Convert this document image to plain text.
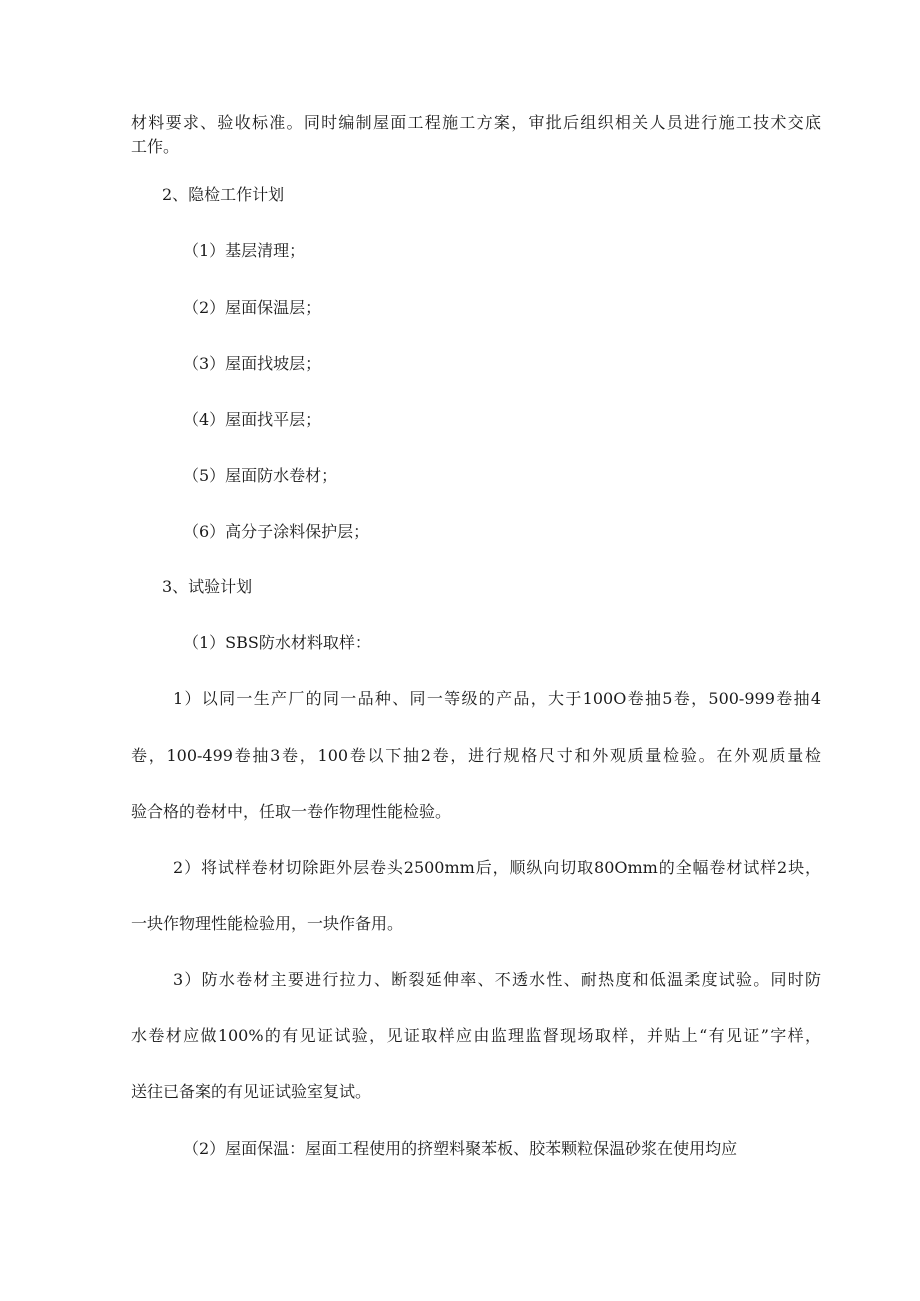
材料要求、验收标准。同时编制屋面工程施工方案，审批后组织相关人员进行施工技术交底
工作。
2、隐检工作计划
（1）基层清理；
（2）屋面保温层；
（3）屋面找坡层；
（4）屋面找平层；
（5）屋面防水卷材；
（6）高分子涂料保护层；
3、试验计划
（1）SBS防水材料取样：
1）以同一生产厂的同一品种、同一等级的产品，大于100O卷抽5卷，500-999卷抽4
卷，100-499卷抽3卷，100卷以下抽2卷，进行规格尺寸和外观质量检验。在外观质量检
验合格的卷材中，任取一卷作物理性能检验。
2）将试样卷材切除距外层卷头2500mm后，顺纵向切取80Omm的全幅卷材试样2块，
一块作物理性能检验用，一块作备用。
3）防水卷材主要进行拉力、断裂延伸率、不透水性、耐热度和低温柔度试验。同时防
水卷材应做100%的有见证试验，见证取样应由监理监督现场取样，并贴上“有见证”字样，
送往已备案的有见证试验室复试。
（2）屋面保温：屋面工程使用的挤塑料聚苯板、胶苯颗粒保温砂浆在使用均应
